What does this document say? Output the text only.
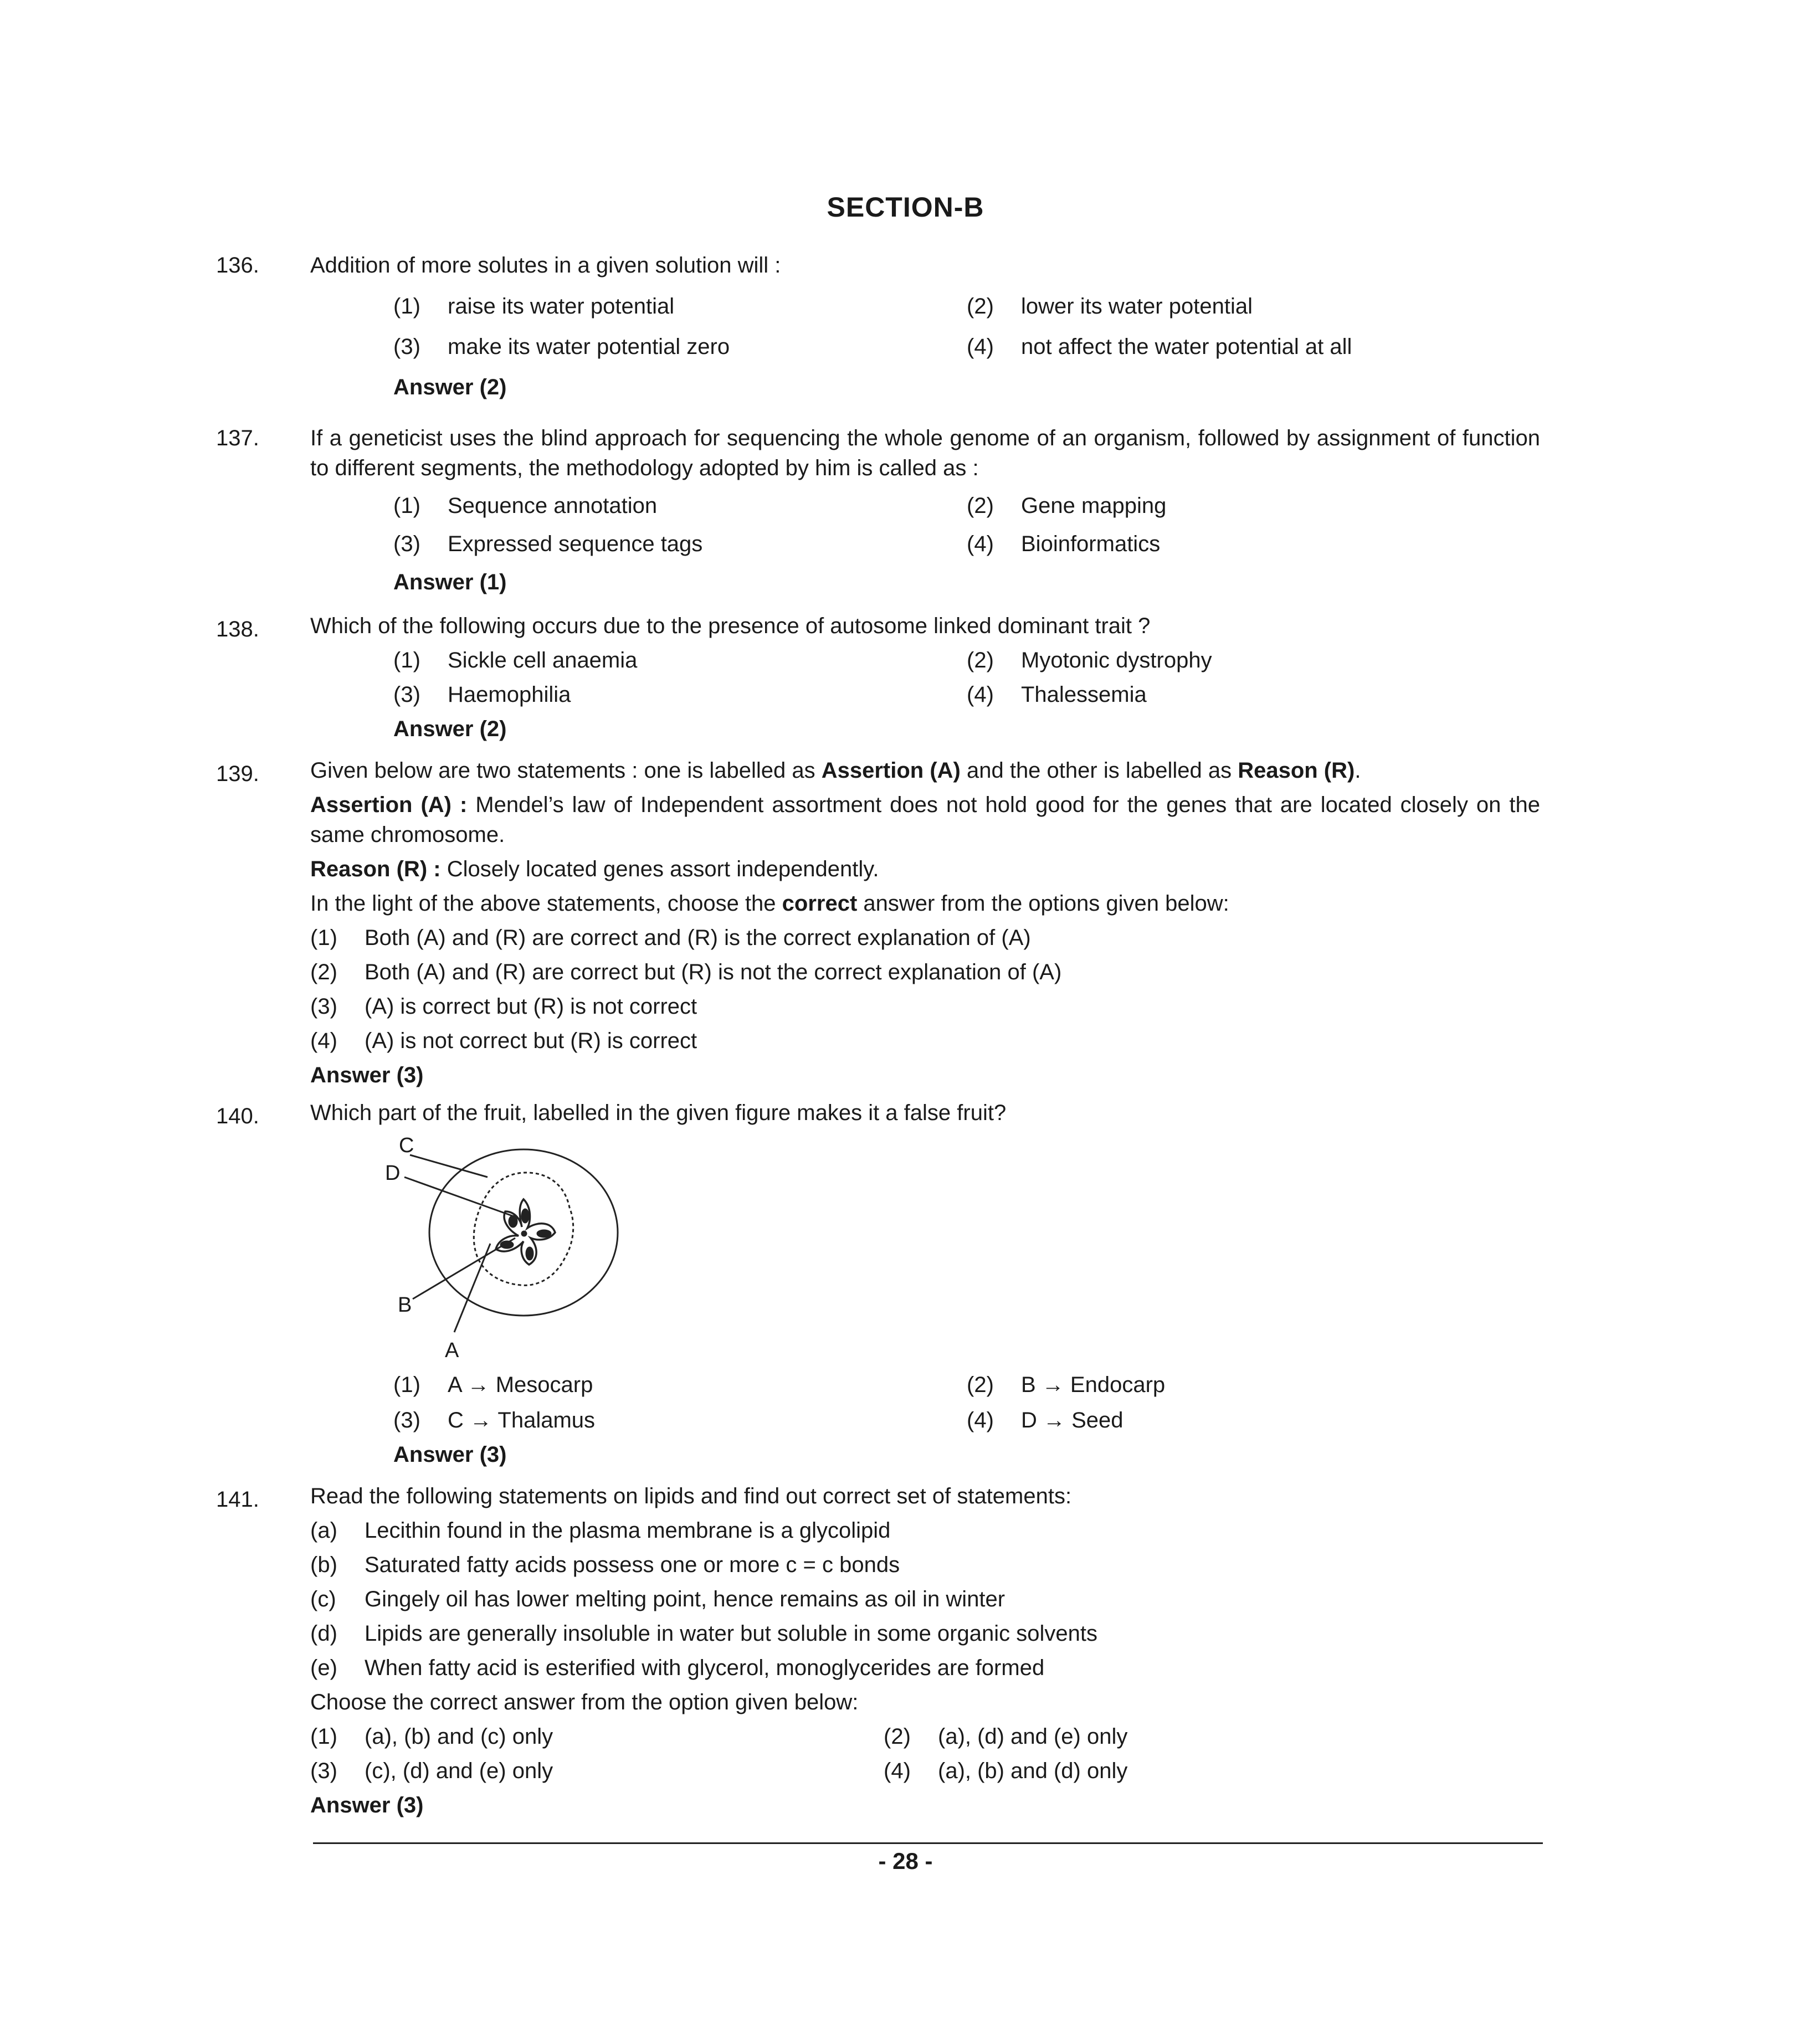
SECTION-B
136.	Addition of more solutes in a given solution will :
(1) raise its water potential	(2) lower its water potential
(3) make its water potential zero	(4) not affect the water potential at all
Answer (2)
137.	If a geneticist uses the blind approach for sequencing the whole genome of an organism, followed by assignment of function to different segments, the methodology adopted by him is called as :
(1) Sequence annotation	(2) Gene mapping
(3) Expressed sequence tags	(4) Bioinformatics
Answer (1)
138.	Which of the following occurs due to the presence of autosome linked dominant trait ?
(1) Sickle cell anaemia	(2) Myotonic dystrophy
(3) Haemophilia	(4) Thalessemia
Answer (2)
139.	Given below are two statements : one is labelled as Assertion (A) and the other is labelled as Reason (R).
Assertion (A) : Mendel’s law of Independent assortment does not hold good for the genes that are located closely on the same chromosome.
Reason (R) : Closely located genes assort independently.
In the light of the above statements, choose the correct answer from the options given below:
(1) Both (A) and (R) are correct and (R) is the correct explanation of (A)
(2) Both (A) and (R) are correct but (R) is not the correct explanation of (A)
(3) (A) is correct but (R) is not correct
(4) (A) is not correct but (R) is correct
Answer (3)
140.	Which part of the fruit, labelled in the given figure makes it a false fruit?
C
D
B
A
(1) A → Mesocarp	(2) B → Endocarp
(3) C → Thalamus	(4) D → Seed
Answer (3)
141.	Read the following statements on lipids and find out correct set of statements:
(a) Lecithin found in the plasma membrane is a glycolipid
(b) Saturated fatty acids possess one or more c = c bonds
(c) Gingely oil has lower melting point, hence remains as oil in winter
(d) Lipids are generally insoluble in water but soluble in some organic solvents
(e) When fatty acid is esterified with glycerol, monoglycerides are formed
Choose the correct answer from the option given below:
(1) (a), (b) and (c) only	(2) (a), (d) and (e) only
(3) (c), (d) and (e) only	(4) (a), (b) and (d) only
Answer (3)
- 28 -
